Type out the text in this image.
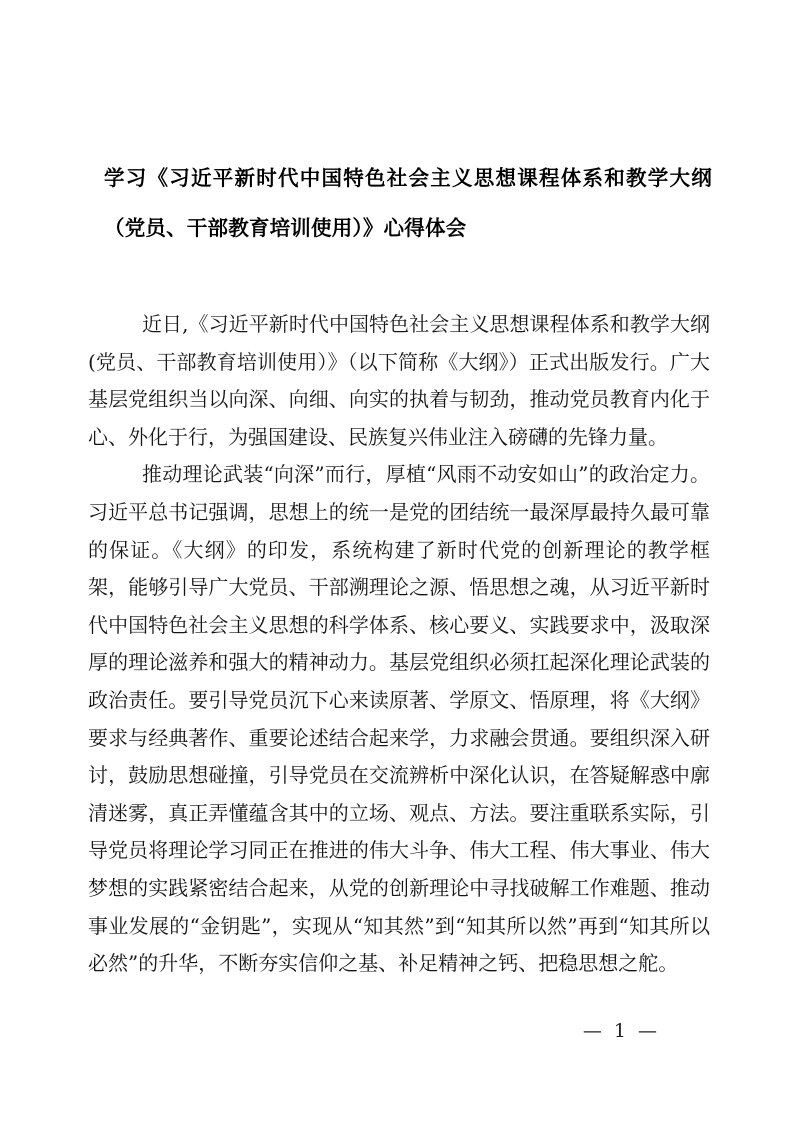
学习《习近平新时代中国特色社会主义思想课程体系和教学大纲（党员、干部教育培训使用）》心得体会

近日,《习近平新时代中国特色社会主义思想课程体系和教学大纲(党员、干部教育培训使用）》（以下简称《大纲》）正式出版发行。广大基层党组织当以向深、向细、向实的执着与韧劲，推动党员教育内化于心、外化于行，为强国建设、民族复兴伟业注入磅礴的先锋力量。

推动理论武装“向深”而行，厚植“风雨不动安如山”的政治定力。习近平总书记强调，思想上的统一是党的团结统一最深厚最持久最可靠的保证。《大纲》的印发，系统构建了新时代党的创新理论的教学框架，能够引导广大党员、干部溯理论之源、悟思想之魂，从习近平新时代中国特色社会主义思想的科学体系、核心要义、实践要求中，汲取深厚的理论滋养和强大的精神动力。基层党组织必须扛起深化理论武装的政治责任。要引导党员沉下心来读原著、学原文、悟原理，将《大纲》要求与经典著作、重要论述结合起来学，力求融会贯通。要组织深入研讨，鼓励思想碰撞，引导党员在交流辨析中深化认识，在答疑解惑中廓清迷雾，真正弄懂蕴含其中的立场、观点、方法。要注重联系实际，引导党员将理论学习同正在推进的伟大斗争、伟大工程、伟大事业、伟大梦想的实践紧密结合起来，从党的创新理论中寻找破解工作难题、推动事业发展的“金钥匙”，实现从“知其然”到“知其所以然”再到“知其所以必然”的升华，不断夯实信仰之基、补足精神之钙、把稳思想之舵。

— 1 —
